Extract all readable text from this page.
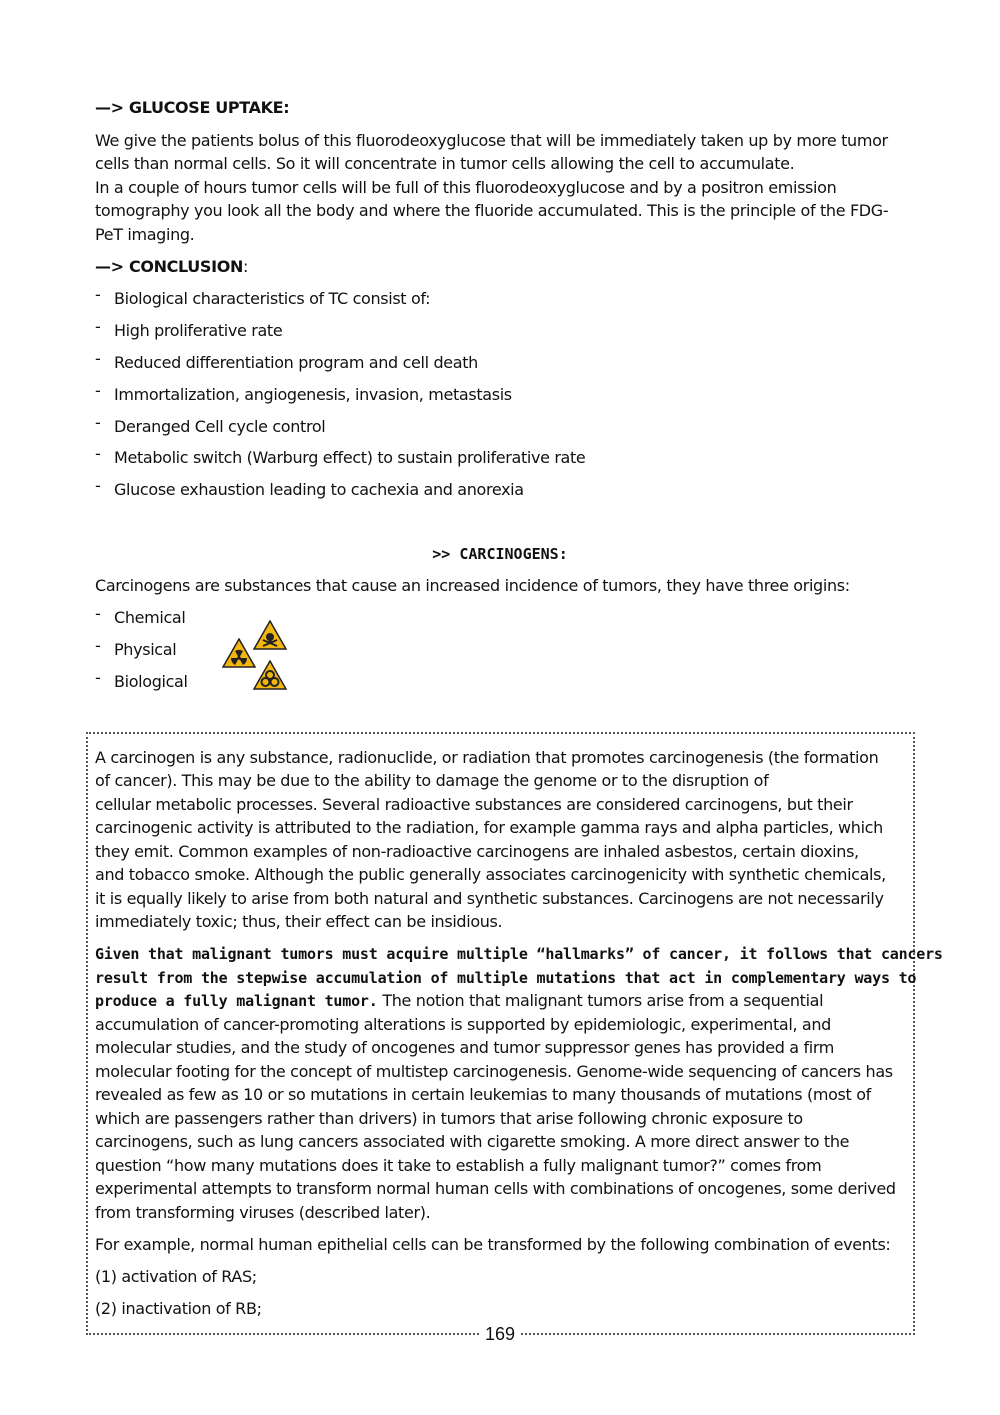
—> GLUCOSE UPTAKE:
We give the patients bolus of this fluorodeoxyglucose that will be immediately taken up by more tumor
cells than normal cells. So it will concentrate in tumor cells allowing the cell to accumulate.
In a couple of hours tumor cells will be full of this fluorodeoxyglucose and by a positron emission
tomography you look all the body and where the fluoride accumulated. This is the principle of the FDG-
PeT imaging.
—> CONCLUSION:
- Biological characteristics of TC consist of:
- High proliferative rate
- Reduced differentiation program and cell death
- Immortalization, angiogenesis, invasion, metastasis
- Deranged Cell cycle control
- Metabolic switch (Warburg effect) to sustain proliferative rate
- Glucose exhaustion leading to cachexia and anorexia
>> CARCINOGENS:
Carcinogens are substances that cause an increased incidence of tumors, they have three origins:
- Chemical
- Physical
- Biological
A carcinogen is any substance, radionuclide, or radiation that promotes carcinogenesis (the formation
of cancer). This may be due to the ability to damage the genome or to the disruption of
cellular metabolic processes. Several radioactive substances are considered carcinogens, but their
carcinogenic activity is attributed to the radiation, for example gamma rays and alpha particles, which
they emit. Common examples of non-radioactive carcinogens are inhaled asbestos, certain dioxins,
and tobacco smoke. Although the public generally associates carcinogenicity with synthetic chemicals,
it is equally likely to arise from both natural and synthetic substances. Carcinogens are not necessarily
immediately toxic; thus, their effect can be insidious.
Given that malignant tumors must acquire multiple “hallmarks” of cancer, it follows that cancers
result from the stepwise accumulation of multiple mutations that act in complementary ways to
produce a fully malignant tumor. The notion that malignant tumors arise from a sequential
accumulation of cancer-promoting alterations is supported by epidemiologic, experimental, and
molecular studies, and the study of oncogenes and tumor suppressor genes has provided a firm
molecular footing for the concept of multistep carcinogenesis. Genome-wide sequencing of cancers has
revealed as few as 10 or so mutations in certain leukemias to many thousands of mutations (most of
which are passengers rather than drivers) in tumors that arise following chronic exposure to
carcinogens, such as lung cancers associated with cigarette smoking. A more direct answer to the
question “how many mutations does it take to establish a fully malignant tumor?” comes from
experimental attempts to transform normal human cells with combinations of oncogenes, some derived
from transforming viruses (described later).
For example, normal human epithelial cells can be transformed by the following combination of events:
(1) activation of RAS;
(2) inactivation of RB;
169
